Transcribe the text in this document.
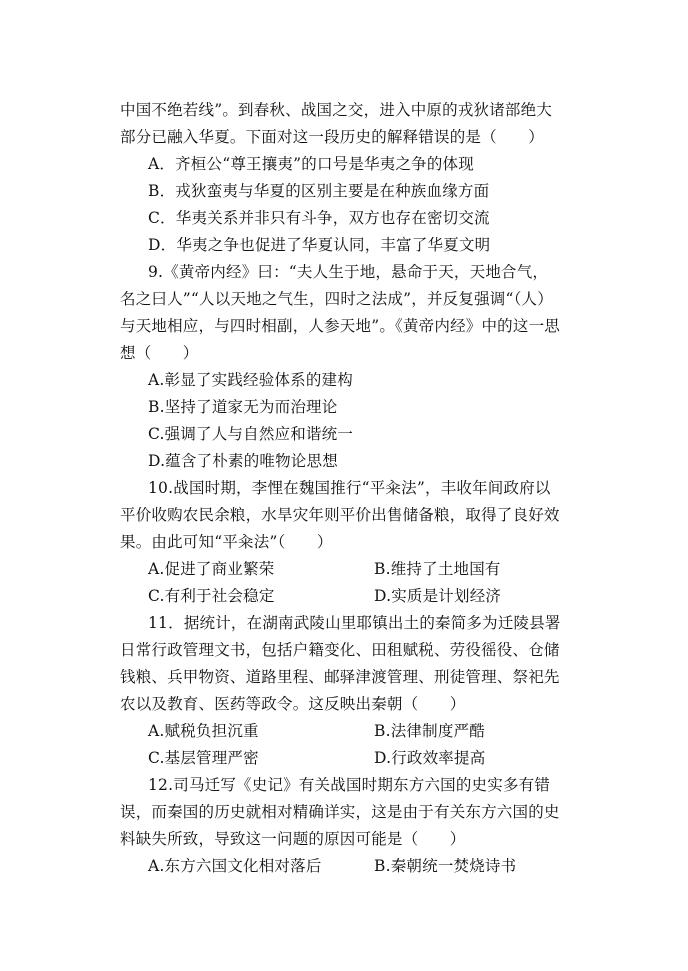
中国不绝若线”。到春秋、战国之交，进入中原的戎狄诸部绝大
部分已融入华夏。下面对这一段历史的解释错误的是（　　）
A．齐桓公“尊王攘夷”的口号是华夷之争的体现
B．戎狄蛮夷与华夏的区别主要是在种族血缘方面
C．华夷关系并非只有斗争，双方也存在密切交流
D．华夷之争也促进了华夏认同，丰富了华夏文明
9.《黄帝内经》曰：“夫人生于地，悬命于天，天地合气，
名之曰人”“人以天地之气生，四时之法成”，并反复强调“（人）
与天地相应，与四时相副，人参天地”。《黄帝内经》中的这一思
想（　　）
A.彰显了实践经验体系的建构
B.坚持了道家无为而治理论
C.强调了人与自然应和谐统一
D.蕴含了朴素的唯物论思想
10.战国时期，李悝在魏国推行“平籴法”，丰收年间政府以
平价收购农民余粮，水旱灾年则平价出售储备粮，取得了良好效
果。由此可知“平籴法”（　　）
A.促进了商业繁荣	B.维持了土地国有
C.有利于社会稳定	D.实质是计划经济
11．据统计，在湖南武陵山里耶镇出土的秦简多为迁陵县署
日常行政管理文书，包括户籍变化、田租赋税、劳役徭役、仓储
钱粮、兵甲物资、道路里程、邮驿津渡管理、刑徒管理、祭祀先
农以及教育、医药等政令。这反映出秦朝（　　）
A.赋税负担沉重	B.法律制度严酷
C.基层管理严密	D.行政效率提高
12.司马迁写《史记》有关战国时期东方六国的史实多有错
误，而秦国的历史就相对精确详实，这是由于有关东方六国的史
料缺失所致，导致这一问题的原因可能是（　　）
A.东方六国文化相对落后	B.秦朝统一焚烧诗书
